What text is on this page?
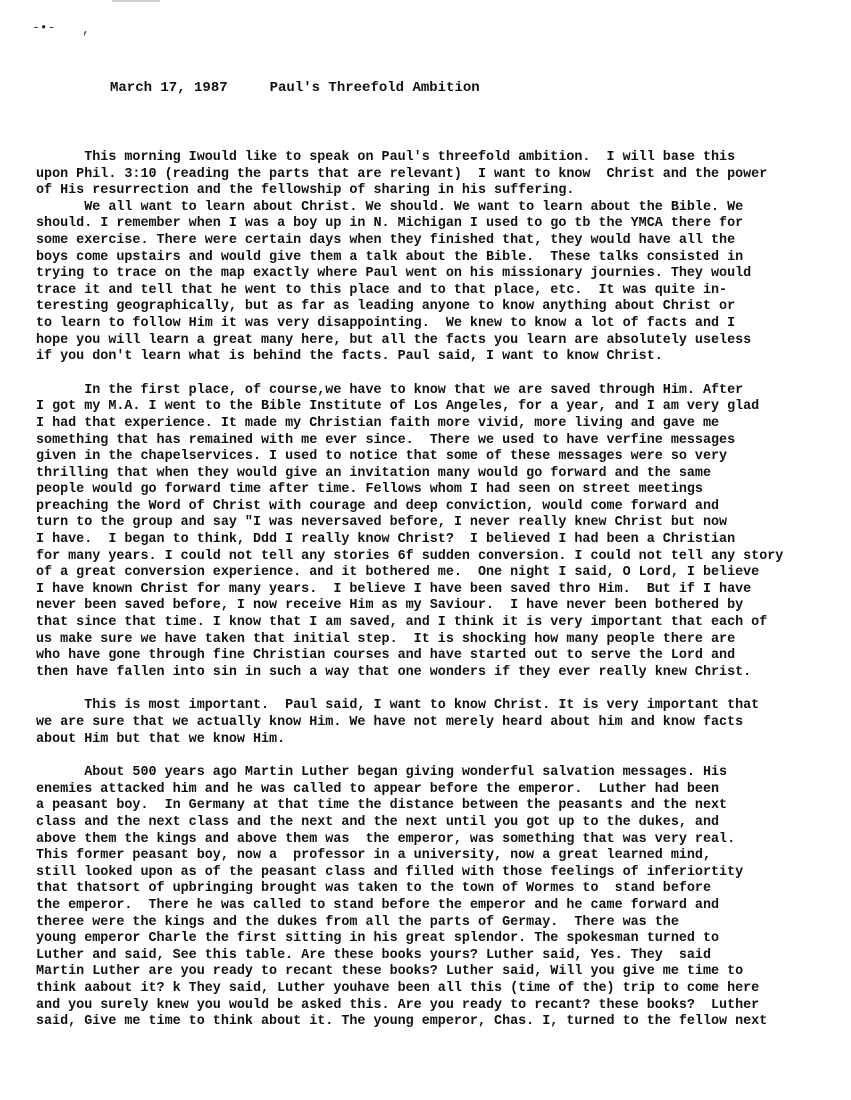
-•- ,
March 17, 1987	Paul's Threefold Ambition
This morning Iwould like to speak on Paul's threefold ambition.  I will base this
upon Phil. 3:10 (reading the parts that are relevant)  I want to know  Christ and the power
of His resurrection and the fellowship of sharing in his suffering.
We all want to learn about Christ. We should. We want to learn about the Bible. We
should. I remember when I was a boy up in N. Michigan I used to go tb the YMCA there for
some exercise. There were certain days when they finished that, they would have all the
boys come upstairs and would give them a talk about the Bible.  These talks consisted in
trying to trace on the map exactly where Paul went on his missionary journies. They would
trace it and tell that he went to this place and to that place, etc.  It was quite in-
teresting geographically, but as far as leading anyone to know anything about Christ or
to learn to follow Him it was very disappointing.  We knew to know a lot of facts and I
hope you will learn a great many here, but all the facts you learn are absolutely useless
if you don't learn what is behind the facts. Paul said, I want to know Christ.
In the first place, of course,we have to know that we are saved through Him. After
I got my M.A. I went to the Bible Institute of Los Angeles, for a year, and I am very glad
I had that experience. It made my Christian faith more vivid, more living and gave me
something that has remained with me ever since.  There we used to have verfine messages
given in the chapelservices. I used to notice that some of these messages were so very
thrilling that when they would give an invitation many would go forward and the same
people would go forward time after time. Fellows whom I had seen on street meetings
preaching the Word of Christ with courage and deep conviction, would come forward and
turn to the group and say "I was neversaved before, I never really knew Christ but now
I have.  I began to think, Ddd I really know Christ?  I believed I had been a Christian
for many years. I could not tell any stories 6f sudden conversion. I could not tell any story
of a great conversion experience. and it bothered me.  One night I said, O Lord, I believe
I have known Christ for many years.  I believe I have been saved thro Him.  But if I have
never been saved before, I now receive Him as my Saviour.  I have never been bothered by
that since that time. I know that I am saved, and I think it is very important that each of
us make sure we have taken that initial step.  It is shocking how many people there are
who have gone through fine Christian courses and have started out to serve the Lord and
then have fallen into sin in such a way that one wonders if they ever really knew Christ.
This is most important.  Paul said, I want to know Christ. It is very important that
we are sure that we actually know Him. We have not merely heard about him and know facts
about Him but that we know Him.
About 500 years ago Martin Luther began giving wonderful salvation messages. His
enemies attacked him and he was called to appear before the emperor.  Luther had been
a peasant boy.  In Germany at that time the distance between the peasants and the next
class and the next class and the next and the next until you got up to the dukes, and
above them the kings and above them was  the emperor, was something that was very real.
This former peasant boy, now a  professor in a university, now a great learned mind,
still looked upon as of the peasant class and filled with those feelings of inferiortity
that thatsort of upbringing brought was taken to the town of Wormes to  stand before
the emperor.  There he was called to stand before the emperor and he came forward and
theree were the kings and the dukes from all the parts of Germay.  There was the
young emperor Charle the first sitting in his great splendor. The spokesman turned to
Luther and said, See this table. Are these books yours? Luther said, Yes. They  said
Martin Luther are you ready to recant these books? Luther said, Will you give me time to
think aabout it? k They said, Luther youhave been all this (time of the) trip to come here
and you surely knew you would be asked this. Are you ready to recant? these books?  Luther
said, Give me time to think about it. The young emperor, Chas. I, turned to the fellow next
